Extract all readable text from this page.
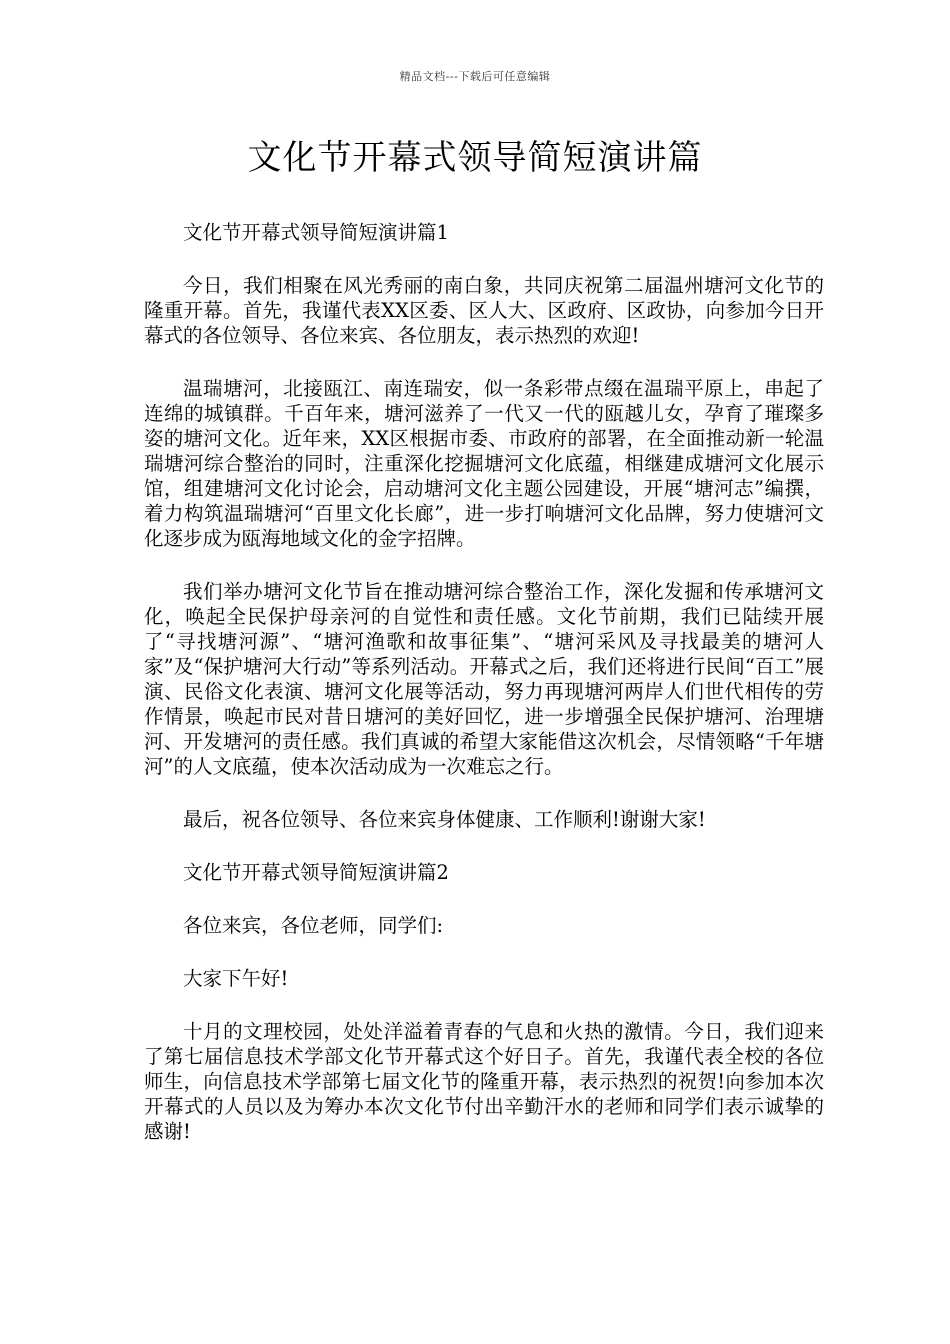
精品文档---下载后可任意编辑
文化节开幕式领导简短演讲篇

文化节开幕式领导简短演讲篇1

今日，我们相聚在风光秀丽的南白象，共同庆祝第二届温州塘河文化节的隆重开幕。首先，我谨代表XX区委、区人大、区政府、区政协，向参加今日开幕式的各位领导、各位来宾、各位朋友，表示热烈的欢迎!

温瑞塘河，北接瓯江、南连瑞安，似一条彩带点缀在温瑞平原上，串起了连绵的城镇群。千百年来，塘河滋养了一代又一代的瓯越儿女，孕育了璀璨多姿的塘河文化。近年来，XX区根据市委、市政府的部署，在全面推动新一轮温瑞塘河综合整治的同时，注重深化挖掘塘河文化底蕴，相继建成塘河文化展示馆，组建塘河文化讨论会，启动塘河文化主题公园建设，开展“塘河志”编撰，着力构筑温瑞塘河“百里文化长廊”，进一步打响塘河文化品牌，努力使塘河文化逐步成为瓯海地域文化的金字招牌。

我们举办塘河文化节旨在推动塘河综合整治工作，深化发掘和传承塘河文化，唤起全民保护母亲河的自觉性和责任感。文化节前期，我们已陆续开展了“寻找塘河源”、“塘河渔歌和故事征集”、“塘河采风及寻找最美的塘河人家”及“保护塘河大行动”等系列活动。开幕式之后，我们还将进行民间“百工”展演、民俗文化表演、塘河文化展等活动，努力再现塘河两岸人们世代相传的劳作情景，唤起市民对昔日塘河的美好回忆，进一步增强全民保护塘河、治理塘河、开发塘河的责任感。我们真诚的希望大家能借这次机会，尽情领略“千年塘河”的人文底蕴，使本次活动成为一次难忘之行。

最后，祝各位领导、各位来宾身体健康、工作顺利!谢谢大家!

文化节开幕式领导简短演讲篇2

各位来宾，各位老师，同学们:

大家下午好!

十月的文理校园，处处洋溢着青春的气息和火热的激情。今日，我们迎来了第七届信息技术学部文化节开幕式这个好日子。首先，我谨代表全校的各位师生，向信息技术学部第七届文化节的隆重开幕，表示热烈的祝贺!向参加本次开幕式的人员以及为筹办本次文化节付出辛勤汗水的老师和同学们表示诚挚的感谢!
